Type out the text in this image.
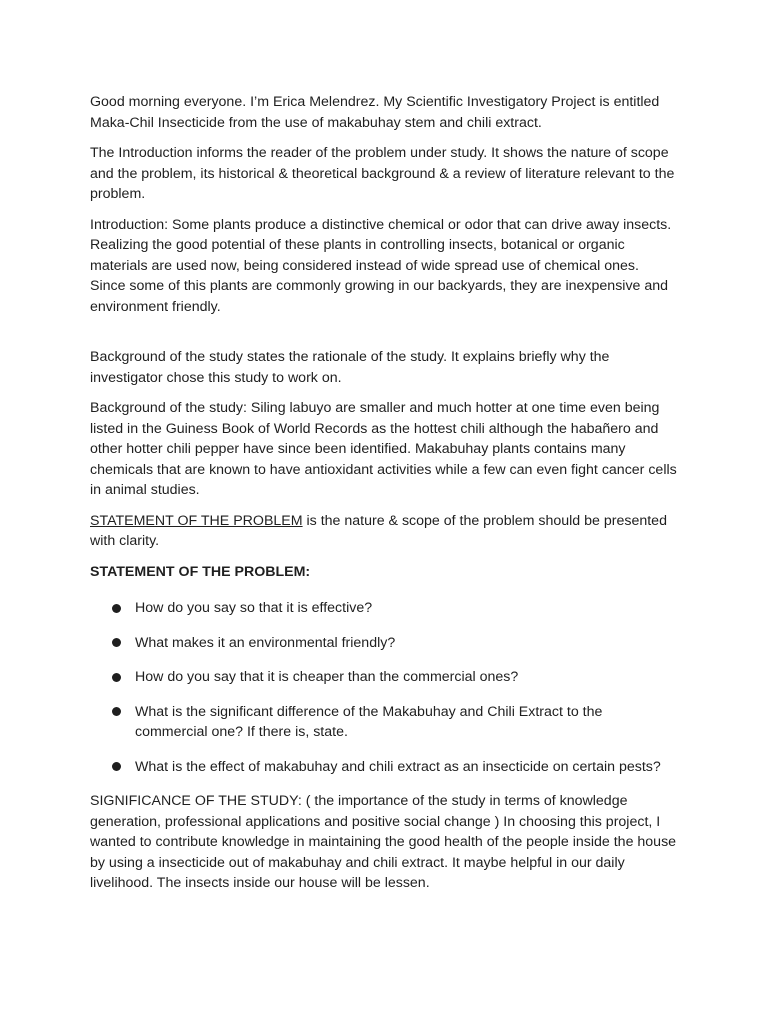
Good morning everyone. I’m Erica Melendrez. My Scientific Investigatory Project is entitled Maka-Chil Insecticide from the use of makabuhay stem and chili extract.

The Introduction informs the reader of the problem under study. It shows the nature of scope and the problem, its historical & theoretical background & a review of literature relevant to the problem.

Introduction: Some plants produce a distinctive chemical or odor that can drive away insects. Realizing the good potential of these plants in controlling insects, botanical or organic materials are used now, being considered instead of wide spread use of chemical ones. Since some of this plants are commonly growing in our backyards, they are inexpensive and environment friendly.

Background of the study states the rationale of the study. It explains briefly why the investigator chose this study to work on.

Background of the study: Siling labuyo are smaller and much hotter at one time even being listed in the Guiness Book of World Records as the hottest chili although the habañero and other hotter chili pepper have since been identified. Makabuhay plants contains many chemicals that are known to have antioxidant activities while a few can even fight cancer cells in animal studies.

STATEMENT OF THE PROBLEM is the nature & scope of the problem should be presented with clarity.

STATEMENT OF THE PROBLEM:

How do you say so that it is effective?
What makes it an environmental friendly?
How do you say that it is cheaper than the commercial ones?
What is the significant difference of the Makabuhay and Chili Extract to the commercial one? If there is, state.
What is the effect of makabuhay and chili extract as an insecticide on certain pests?

SIGNIFICANCE OF THE STUDY: ( the importance of the study in terms of knowledge generation, professional applications and positive social change ) In choosing this project, I wanted to contribute knowledge in maintaining the good health of the people inside the house by using a insecticide out of makabuhay and chili extract. It maybe helpful in our daily livelihood. The insects inside our house will be lessen.
